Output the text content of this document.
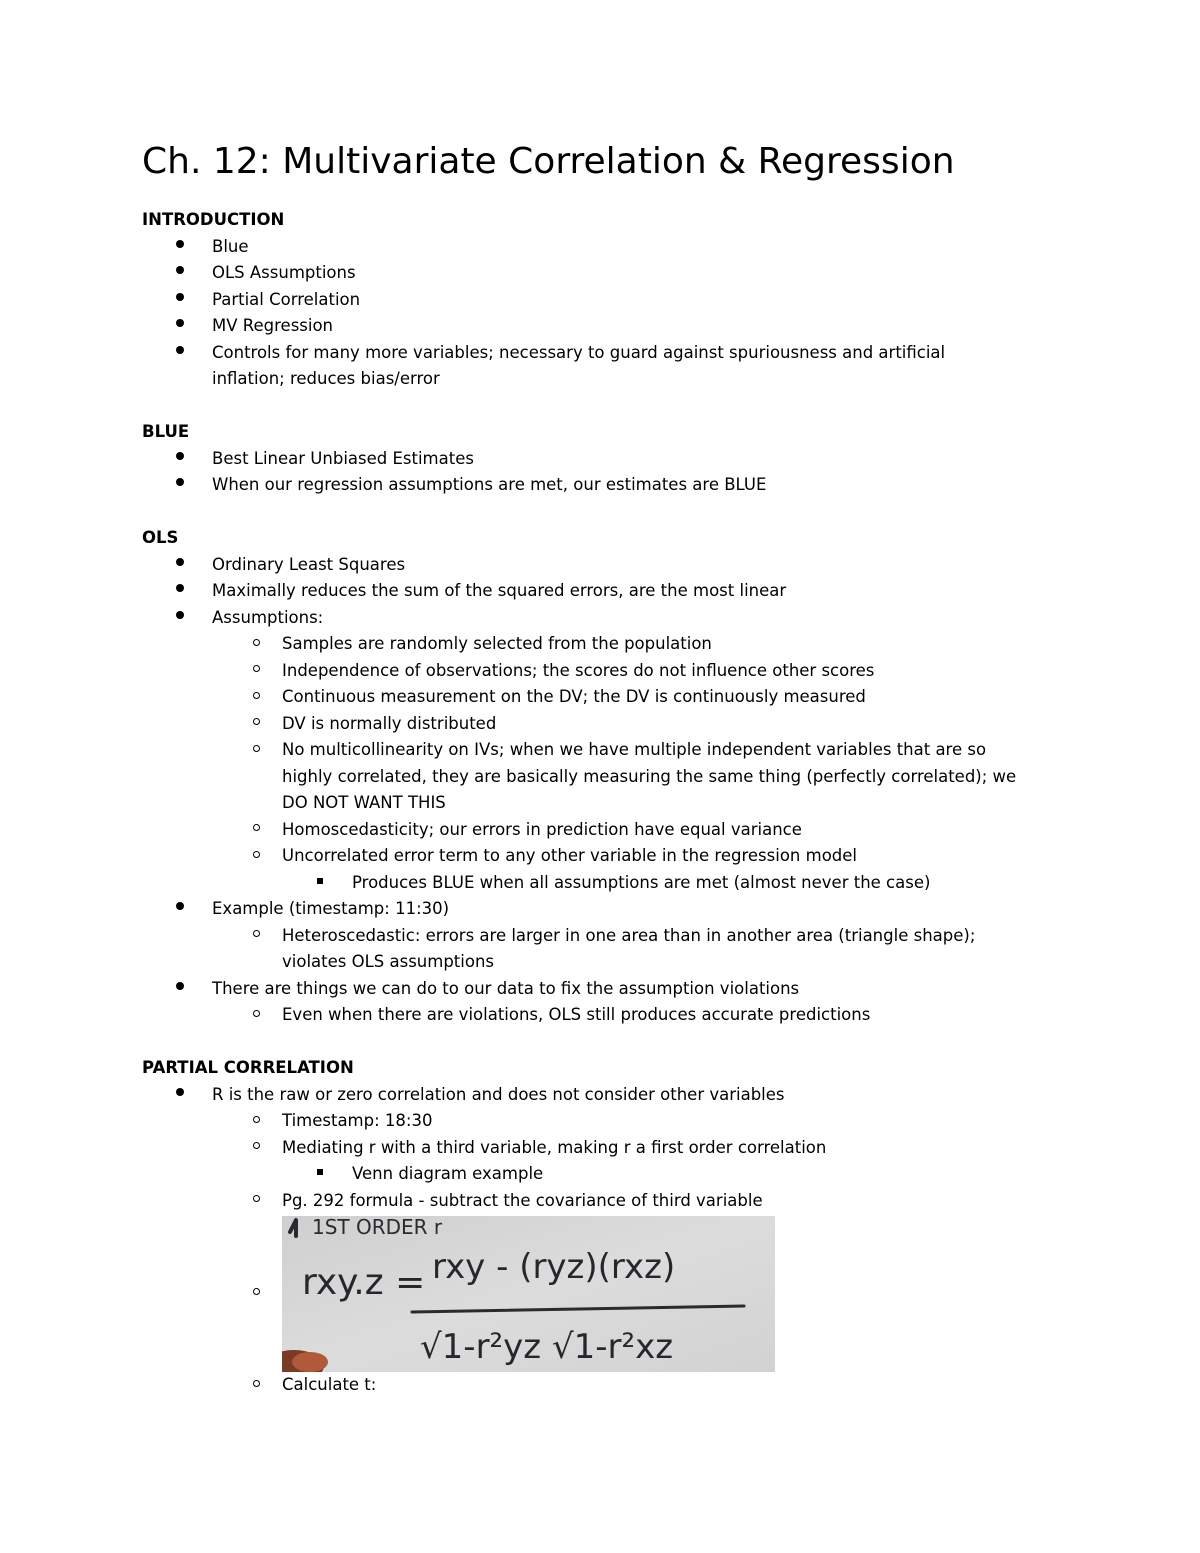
Ch. 12: Multivariate Correlation & Regression
INTRODUCTION
Blue
OLS Assumptions
Partial Correlation
MV Regression
Controls for many more variables; necessary to guard against spuriousness and artificial
inflation; reduces bias/error
BLUE
Best Linear Unbiased Estimates
When our regression assumptions are met, our estimates are BLUE
OLS
Ordinary Least Squares
Maximally reduces the sum of the squared errors, are the most linear
Assumptions:
Samples are randomly selected from the population
Independence of observations; the scores do not influence other scores
Continuous measurement on the DV; the DV is continuously measured
DV is normally distributed
No multicollinearity on IVs; when we have multiple independent variables that are so
highly correlated, they are basically measuring the same thing (perfectly correlated); we
DO NOT WANT THIS
Homoscedasticity; our errors in prediction have equal variance
Uncorrelated error term to any other variable in the regression model
Produces BLUE when all assumptions are met (almost never the case)
Example (timestamp: 11:30)
Heteroscedastic: errors are larger in one area than in another area (triangle shape);
violates OLS assumptions
There are things we can do to our data to fix the assumption violations
Even when there are violations, OLS still produces accurate predictions
PARTIAL CORRELATION
R is the raw or zero correlation and does not consider other variables
Timestamp: 18:30
Mediating r with a third variable, making r a first order correlation
Venn diagram example
Pg. 292 formula - subtract the covariance of third variable
1ST ORDER r
rxy.z = rxy - (ryz)(rxz)
√1-r²yz √1-r²xz
Calculate t:
